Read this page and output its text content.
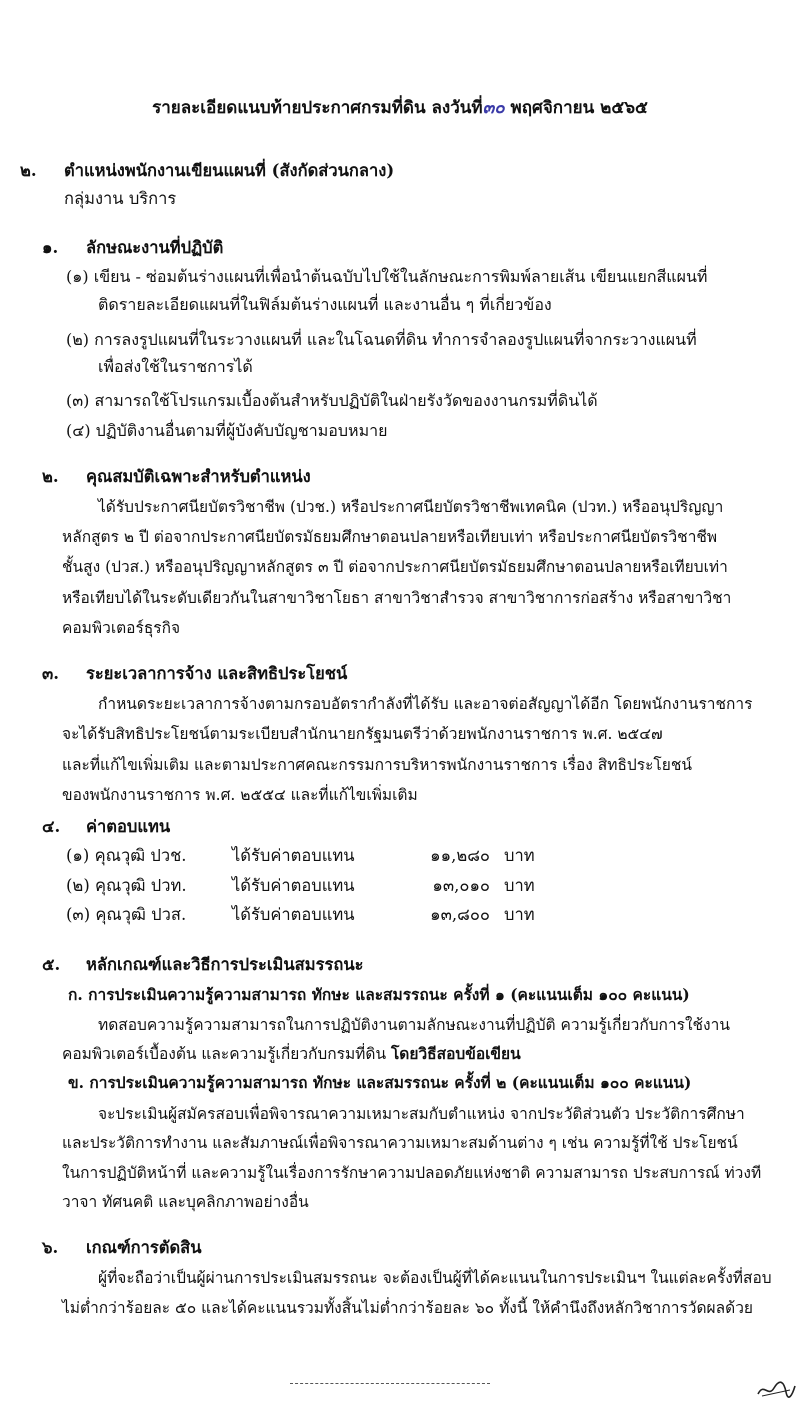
รายละเอียดแนบท้ายประกาศกรมที่ดิน ลงวันที่๓๐ พฤศจิกายน ๒๕๖๕
๒. ตำแหน่งพนักงานเขียนแผนที่ (สังกัดส่วนกลาง)
กลุ่มงาน บริการ
๑. ลักษณะงานที่ปฏิบัติ
(๑) เขียน - ซ่อมต้นร่างแผนที่เพื่อนำต้นฉบับไปใช้ในลักษณะการพิมพ์ลายเส้น เขียนแยกสีแผนที่
ติดรายละเอียดแผนที่ในฟิล์มต้นร่างแผนที่ และงานอื่น ๆ ที่เกี่ยวข้อง
(๒) การลงรูปแผนที่ในระวางแผนที่ และในโฉนดที่ดิน ทำการจำลองรูปแผนที่จากระวางแผนที่
เพื่อส่งใช้ในราชการได้
(๓) สามารถใช้โปรแกรมเบื้องต้นสำหรับปฏิบัติในฝ่ายรังวัดของงานกรมที่ดินได้
(๔) ปฏิบัติงานอื่นตามที่ผู้บังคับบัญชามอบหมาย
๒. คุณสมบัติเฉพาะสำหรับตำแหน่ง
ได้รับประกาศนียบัตรวิชาชีพ (ปวช.) หรือประกาศนียบัตรวิชาชีพเทคนิค (ปวท.) หรืออนุปริญญา
หลักสูตร ๒ ปี ต่อจากประกาศนียบัตรมัธยมศึกษาตอนปลายหรือเทียบเท่า หรือประกาศนียบัตรวิชาชีพ
ชั้นสูง (ปวส.) หรืออนุปริญญาหลักสูตร ๓ ปี ต่อจากประกาศนียบัตรมัธยมศึกษาตอนปลายหรือเทียบเท่า
หรือเทียบได้ในระดับเดียวกันในสาขาวิชาโยธา สาขาวิชาสำรวจ สาขาวิชาการก่อสร้าง หรือสาขาวิชา
คอมพิวเตอร์ธุรกิจ
๓. ระยะเวลาการจ้าง และสิทธิประโยชน์
กำหนดระยะเวลาการจ้างตามกรอบอัตรากำลังที่ได้รับ และอาจต่อสัญญาได้อีก โดยพนักงานราชการ
จะได้รับสิทธิประโยชน์ตามระเบียบสำนักนายกรัฐมนตรีว่าด้วยพนักงานราชการ พ.ศ. ๒๕๔๗
และที่แก้ไขเพิ่มเติม และตามประกาศคณะกรรมการบริหารพนักงานราชการ เรื่อง สิทธิประโยชน์
ของพนักงานราชการ พ.ศ. ๒๕๕๔ และที่แก้ไขเพิ่มเติม
๔. ค่าตอบแทน
(๑) คุณวุฒิ ปวช.	ได้รับค่าตอบแทน	๑๑,๒๘๐ บาท
(๒) คุณวุฒิ ปวท.	ได้รับค่าตอบแทน	๑๓,๐๑๐ บาท
(๓) คุณวุฒิ ปวส.	ได้รับค่าตอบแทน	๑๓,๘๐๐ บาท
๕. หลักเกณฑ์และวิธีการประเมินสมรรถนะ
ก. การประเมินความรู้ความสามารถ ทักษะ และสมรรถนะ ครั้งที่ ๑ (คะแนนเต็ม ๑๐๐ คะแนน)
ทดสอบความรู้ความสามารถในการปฏิบัติงานตามลักษณะงานที่ปฏิบัติ ความรู้เกี่ยวกับการใช้งาน
คอมพิวเตอร์เบื้องต้น และความรู้เกี่ยวกับกรมที่ดิน โดยวิธีสอบข้อเขียน
ข. การประเมินความรู้ความสามารถ ทักษะ และสมรรถนะ ครั้งที่ ๒ (คะแนนเต็ม ๑๐๐ คะแนน)
จะประเมินผู้สมัครสอบเพื่อพิจารณาความเหมาะสมกับตำแหน่ง จากประวัติส่วนตัว ประวัติการศึกษา
และประวัติการทำงาน และสัมภาษณ์เพื่อพิจารณาความเหมาะสมด้านต่าง ๆ เช่น ความรู้ที่ใช้ ประโยชน์
ในการปฏิบัติหน้าที่ และความรู้ในเรื่องการรักษาความปลอดภัยแห่งชาติ ความสามารถ ประสบการณ์ ท่วงที
วาจา ทัศนคติ และบุคลิกภาพอย่างอื่น
๖. เกณฑ์การตัดสิน
ผู้ที่จะถือว่าเป็นผู้ผ่านการประเมินสมรรถนะ จะต้องเป็นผู้ที่ได้คะแนนในการประเมินฯ ในแต่ละครั้งที่สอบ
ไม่ต่ำกว่าร้อยละ ๕๐ และได้คะแนนรวมทั้งสิ้นไม่ต่ำกว่าร้อยละ ๖๐ ทั้งนี้ ให้คำนึงถึงหลักวิชาการวัดผลด้วย
